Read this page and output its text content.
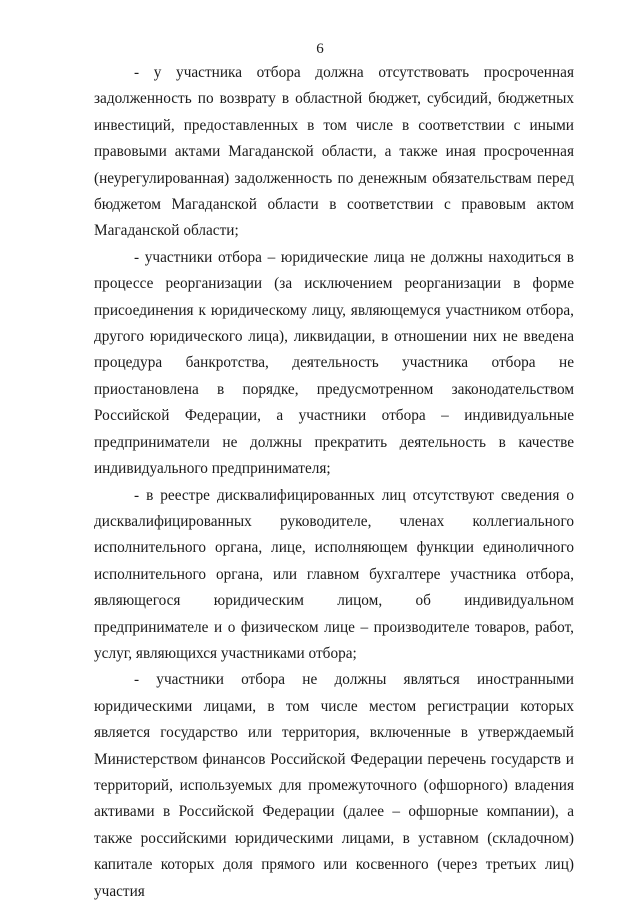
6

- у участника отбора должна отсутствовать просроченная задолженность по возврату в областной бюджет, субсидий, бюджетных инвестиций, предоставленных в том числе в соответствии с иными правовыми актами Магаданской области, а также иная просроченная (неурегулированная) задолженность по денежным обязательствам перед бюджетом Магаданской области в соответствии с правовым актом Магаданской области;

- участники отбора – юридические лица не должны находиться в процессе реорганизации (за исключением реорганизации в форме присоединения к юридическому лицу, являющемуся участником отбора, другого юридического лица), ликвидации, в отношении них не введена процедура банкротства, деятельность участника отбора не приостановлена в порядке, предусмотренном законодательством Российской Федерации, а участники отбора – индивидуальные предприниматели не должны прекратить деятельность в качестве индивидуального предпринимателя;

- в реестре дисквалифицированных лиц отсутствуют сведения о дисквалифицированных руководителе, членах коллегиального исполнительного органа, лице, исполняющем функции единоличного исполнительного органа, или главном бухгалтере участника отбора, являющегося юридическим лицом, об индивидуальном предпринимателе и о физическом лице – производителе товаров, работ, услуг, являющихся участниками отбора;

- участники отбора не должны являться иностранными юридическими лицами, в том числе местом регистрации которых является государство или территория, включенные в утверждаемый Министерством финансов Российской Федерации перечень государств и территорий, используемых для промежуточного (офшорного) владения активами в Российской Федерации (далее – офшорные компании), а также российскими юридическими лицами, в уставном (складочном) капитале которых доля прямого или косвенного (через третьих лиц) участия
